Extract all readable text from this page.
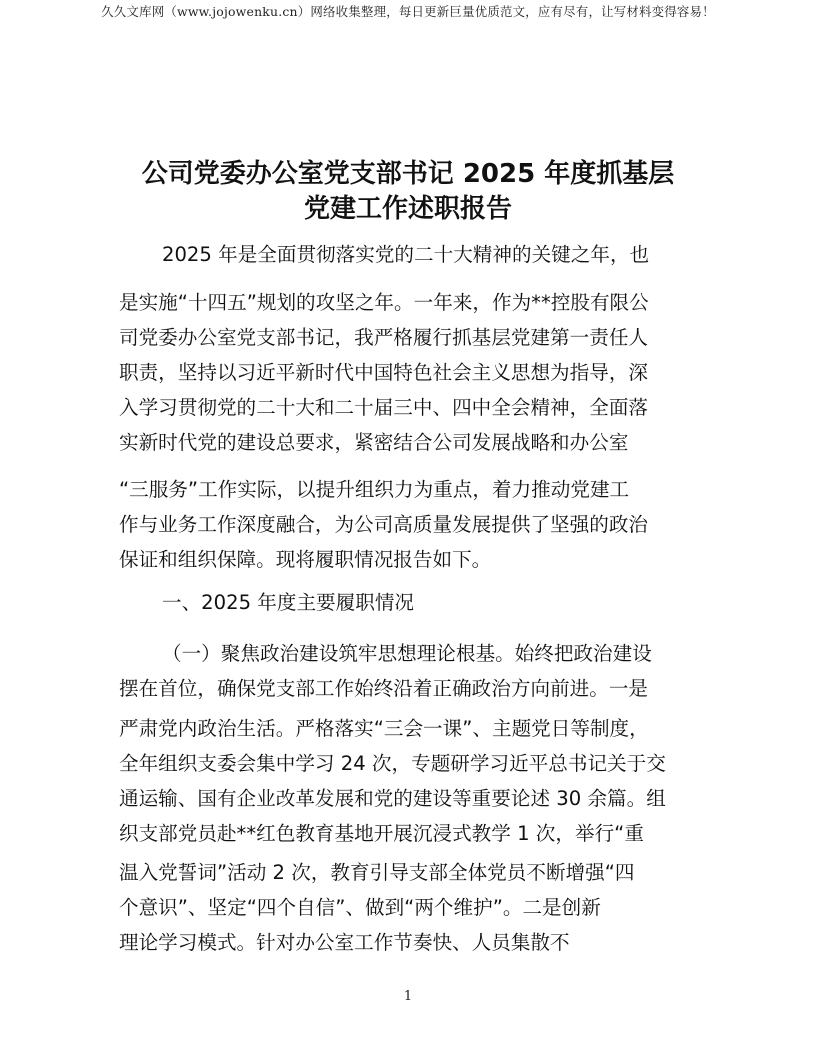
久久文库网（www.jojowenku.cn）网络收集整理，每日更新巨量优质范文，应有尽有，让写材料变得容易！
公司党委办公室党支部书记 2025 年度抓基层
党建工作述职报告
2025 年是全面贯彻落实党的二十大精神的关键之年，也
是实施“十四五”规划的攻坚之年。一年来，作为**控股有限公
司党委办公室党支部书记，我严格履行抓基层党建第一责任人
职责，坚持以习近平新时代中国特色社会主义思想为指导，深
入学习贯彻党的二十大和二十届三中、四中全会精神，全面落
实新时代党的建设总要求，紧密结合公司发展战略和办公室
“三服务”工作实际，以提升组织力为重点，着力推动党建工
作与业务工作深度融合，为公司高质量发展提供了坚强的政治
保证和组织保障。现将履职情况报告如下。
一、2025 年度主要履职情况
（一）聚焦政治建设筑牢思想理论根基。始终把政治建设
摆在首位，确保党支部工作始终沿着正确政治方向前进。一是
严肃党内政治生活。严格落实“三会一课”、主题党日等制度，
全年组织支委会集中学习 24 次，专题研学习近平总书记关于交
通运输、国有企业改革发展和党的建设等重要论述 30 余篇。组
织支部党员赴**红色教育基地开展沉浸式教学 1 次，举行“重
温入党誓词”活动 2 次，教育引导支部全体党员不断增强“四
个意识”、坚定“四个自信”、做到“两个维护”。二是创新
理论学习模式。针对办公室工作节奏快、人员集散不
1
